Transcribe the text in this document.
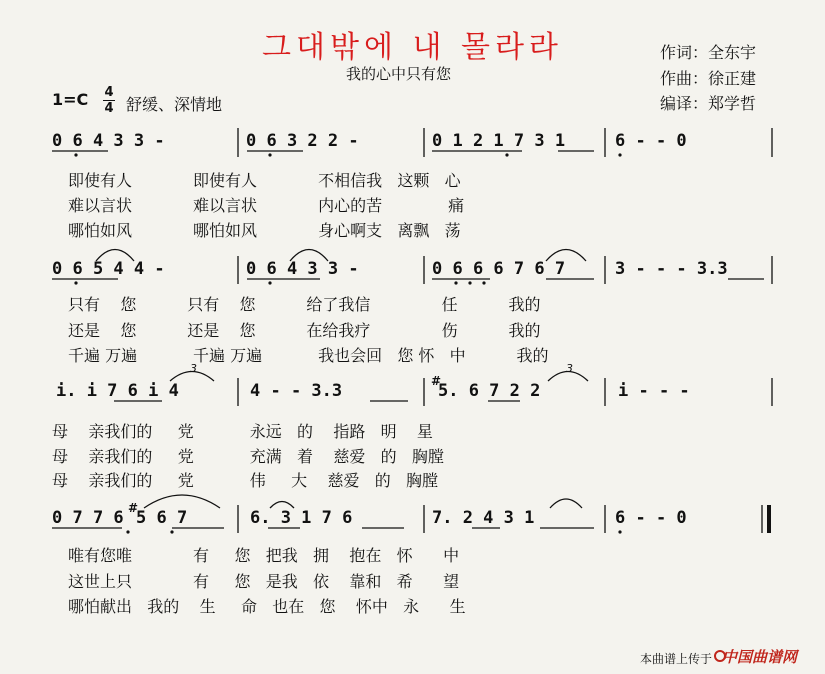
그대밖에 내 몰라라
我的心中只有您
作词：全东宇
作曲：徐正建
编译：郑学哲
1=C 4
4 舒缓、深情地
0 6 4 3 3 -	0 6 3 2 2 -	0 1 2 1 7 3 1	6 - - 0
0 6 5 4 4 -	0 6 4 3 3 -	0 6 6 6 7 6 7	3 - - - 3.3
i. i 7 6 i 4	4 - - 3.3	#
5. 6 7 2 2	i - - -
3	3
0 7 7 6 #
5 6 7	6. 3 1 7 6	7. 2 4 3 1	6 - - 0
即使有人            即使有人            不相信我   这颗   心
难以言状            难以言状            内心的苦             痛
哪怕如风            哪怕如风            身心啊支   离飘   荡
只有    您          只有    您          给了我信              任          我的
还是    您          还是    您          在给我疗              伤          我的
千遍 万遍           千遍 万遍           我也会回   您 怀   中          我的
母    亲我们的     党           永远   的    指路   明    星
母    亲我们的     党           充满   着    慈爱   的   胸膛
母    亲我们的     党           伟     大    慈爱   的   胸膛
唯有您唯            有     您   把我   拥    抱在   怀      中
这世上只            有     您   是我   依    靠和   希      望
哪怕献出   我的    生     命   也在   您    怀中   永      生
本曲谱上传于 中国曲谱网
